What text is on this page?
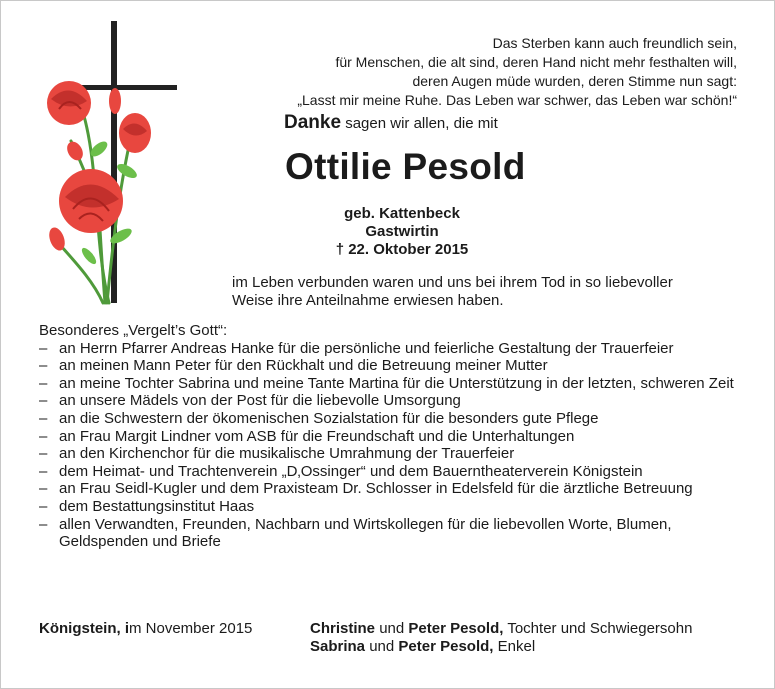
Das Sterben kann auch freundlich sein,
für Menschen, die alt sind, deren Hand nicht mehr festhalten will,
deren Augen müde wurden, deren Stimme nun sagt:
„Lasst mir meine Ruhe. Das Leben war schwer, das Leben war schön!“
Danke sagen wir allen, die mit
Ottilie Pesold
geb. Kattenbeck
Gastwirtin
† 22. Oktober 2015
im Leben verbunden waren und uns bei ihrem Tod in so liebevoller
Weise ihre Anteilnahme erwiesen haben.
Besonderes „Vergelt’s Gott“:
– an Herrn Pfarrer Andreas Hanke für die persönliche und feierliche Gestaltung der Trauerfeier
– an meinen Mann Peter für den Rückhalt und die Betreuung meiner Mutter
– an meine Tochter Sabrina und meine Tante Martina für die Unterstützung in der letzten, schweren Zeit
– an unsere Mädels von der Post für die liebevolle Umsorgung
– an die Schwestern der ökomenischen Sozialstation für die besonders gute Pflege
– an Frau Margit Lindner vom ASB für die Freundschaft und die Unterhaltungen
– an den Kirchenchor für die musikalische Umrahmung der Trauerfeier
– dem Heimat- und Trachtenverein „D‚Ossinger“ und dem Bauerntheaterverein Königstein
– an Frau Seidl-Kugler und dem Praxisteam Dr. Schlosser in Edelsfeld für die ärztliche Betreuung
– dem Bestattungsinstitut Haas
– allen Verwandten, Freunden, Nachbarn und Wirtskollegen für die liebevollen Worte, Blumen, Geldspenden und Briefe
Königstein, im November 2015	Christine und Peter Pesold, Tochter und Schwiegersohn
Sabrina und Peter Pesold, Enkel
